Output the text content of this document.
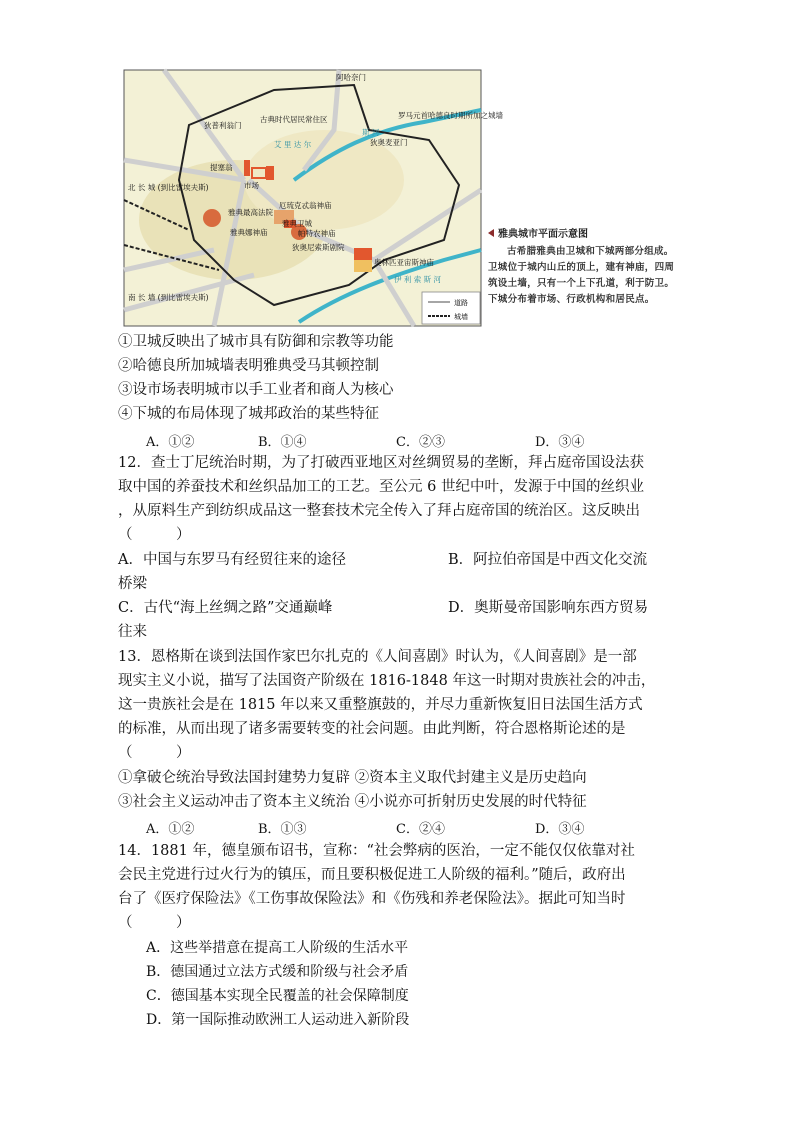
阿哈奈门
古典时代居民常住区	罗马元首哈德良时期所加之城墙
艾 里 达 尔
斯 河
狄普利翁门
狄奥麦亚门
提塞翁
市场
雅典最高法院
厄琉克忒翁神庙
雅典卫城
帕特农神庙
雅典娜神庙
狄奥尼索斯剧院
奥林匹亚宙斯神庙
北 长 城 (到比雷埃夫斯)
南 长 墙 (到比雷埃夫斯)
伊 利 索 斯 河
道路
城墙
雅典城市平面示意图
古希腊雅典由卫城和下城两部分组成。卫城位于城内山丘的顶上，建有神庙，四周筑设土墙，只有一个上下孔道，利于防卫。下城分布着市场、行政机构和居民点。
①卫城反映出了城市具有防御和宗教等功能
②哈德良所加城墙表明雅典受马其顿控制
③设市场表明城市以手工业者和商人为核心
④下城的布局体现了城邦政治的某些特征
A．①②	B．①④	C．②③	D．③④
12．查士丁尼统治时期，为了打破西亚地区对丝绸贸易的垄断，拜占庭帝国设法获
取中国的养蚕技术和丝织品加工的工艺。至公元 6 世纪中叶，发源于中国的丝织业
，从原料生产到纺织成品这一整套技术完全传入了拜占庭帝国的统治区。这反映出
（　　　）
A．中国与东罗马有经贸往来的途径	B．阿拉伯帝国是中西文化交流
桥梁
C．古代“海上丝绸之路”交通巅峰	D．奥斯曼帝国影响东西方贸易
往来
13．恩格斯在谈到法国作家巴尔扎克的《人间喜剧》时认为，《人间喜剧》是一部
现实主义小说，描写了法国资产阶级在 1816-1848 年这一时期对贵族社会的冲击，
这一贵族社会是在 1815 年以来又重整旗鼓的，并尽力重新恢复旧日法国生活方式
的标准，从而出现了诸多需要转变的社会问题。由此判断，符合恩格斯论述的是
（　　　）
①拿破仑统治导致法国封建势力复辟 ②资本主义取代封建主义是历史趋向
③社会主义运动冲击了资本主义统治 ④小说亦可折射历史发展的时代特征
A．①②	B．①③	C．②④	D．③④
14．1881 年，德皇颁布诏书，宣称：“社会弊病的医治，一定不能仅仅依靠对社
会民主党进行过火行为的镇压，而且要积极促进工人阶级的福利。”随后，政府出
台了《医疗保险法》《工伤事故保险法》和《伤残和养老保险法》。据此可知当时
（　　　）
A．这些举措意在提高工人阶级的生活水平
B．德国通过立法方式缓和阶级与社会矛盾
C．德国基本实现全民覆盖的社会保障制度
D．第一国际推动欧洲工人运动进入新阶段
